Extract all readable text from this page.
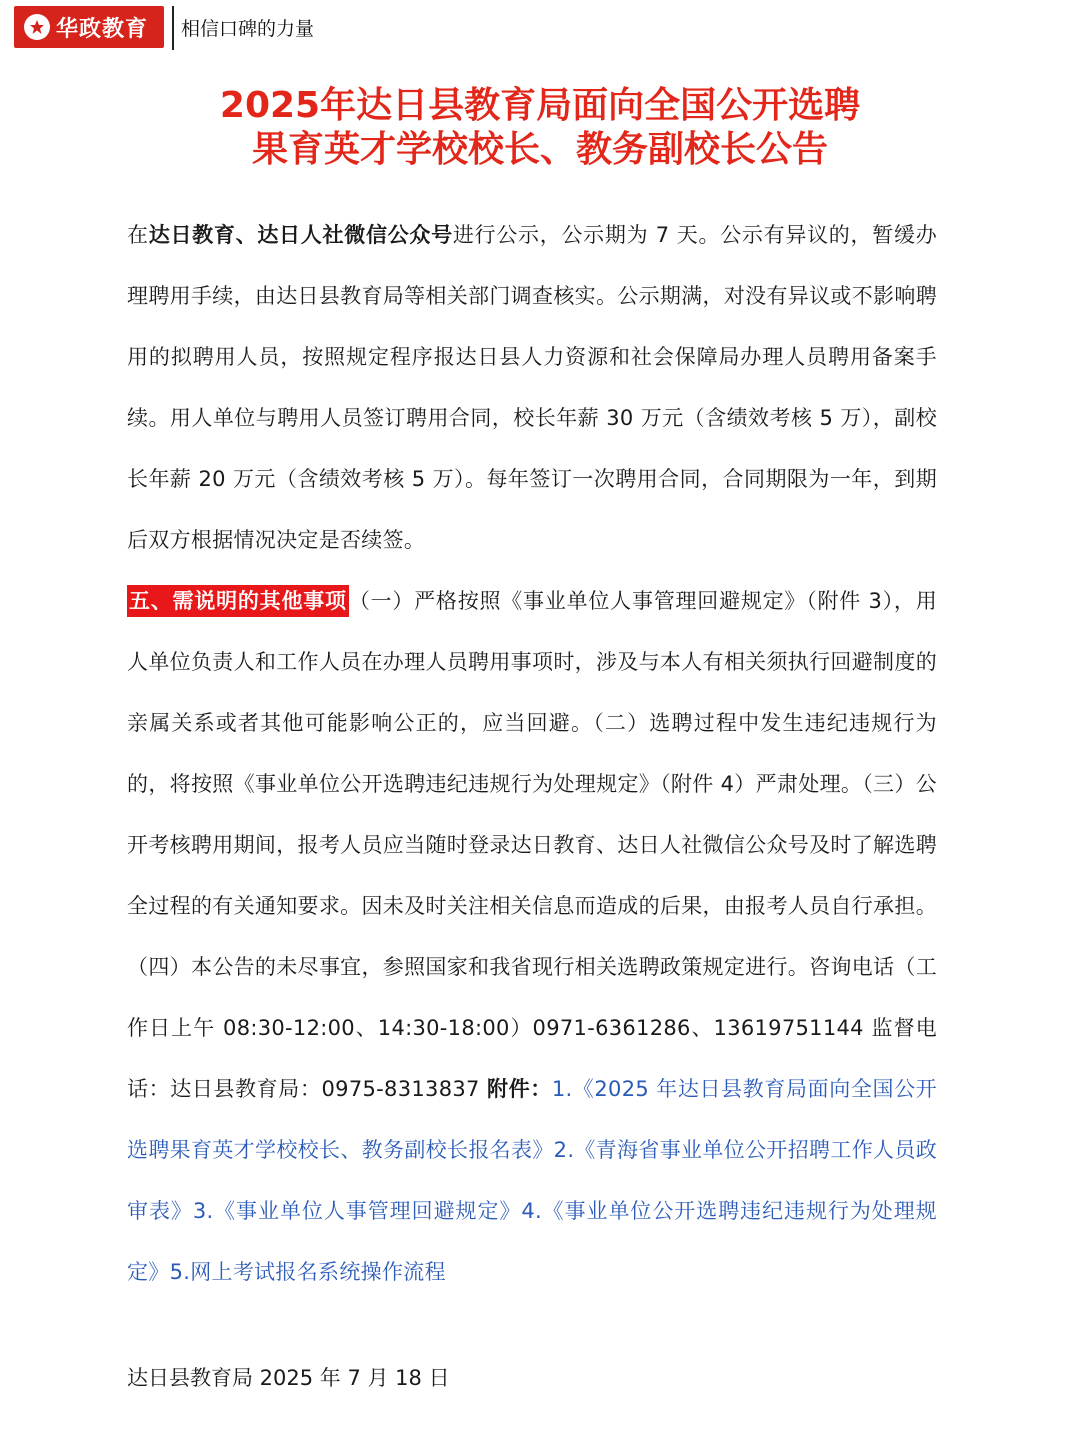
华政教育 相信口碑的力量
2025年达日县教育局面向全国公开选聘
果育英才学校校长、教务副校长公告

在达日教育、达日人社微信公众号进行公示，公示期为 7 天。公示有异议的，暂缓办理聘用手续，由达日县教育局等相关部门调查核实。公示期满，对没有异议或不影响聘用的拟聘用人员，按照规定程序报达日县人力资源和社会保障局办理人员聘用备案手续。用人单位与聘用人员签订聘用合同，校长年薪 30 万元（含绩效考核 5 万），副校长年薪 20 万元（含绩效考核 5 万）。每年签订一次聘用合同，合同期限为一年，到期后双方根据情况决定是否续签。

五、需说明的其他事项（一）严格按照《事业单位人事管理回避规定》（附件 3），用人单位负责人和工作人员在办理人员聘用事项时，涉及与本人有相关须执行回避制度的亲属关系或者其他可能影响公正的，应当回避。（二）选聘过程中发生违纪违规行为的，将按照《事业单位公开选聘违纪违规行为处理规定》（附件 4）严肃处理。（三）公开考核聘用期间，报考人员应当随时登录达日教育、达日人社微信公众号及时了解选聘全过程的有关通知要求。因未及时关注相关信息而造成的后果，由报考人员自行承担。（四）本公告的未尽事宜，参照国家和我省现行相关选聘政策规定进行。咨询电话（工作日上午 08:30-12:00、14:30-18:00）0971-6361286、13619751144 监督电话：达日县教育局：0975-8313837 附件：1.《2025 年达日县教育局面向全国公开选聘果育英才学校校长、教务副校长报名表》2.《青海省事业单位公开招聘工作人员政审表》3.《事业单位人事管理回避规定》4.《事业单位公开选聘违纪违规行为处理规定》5.网上考试报名系统操作流程

达日县教育局 2025 年 7 月 18 日
